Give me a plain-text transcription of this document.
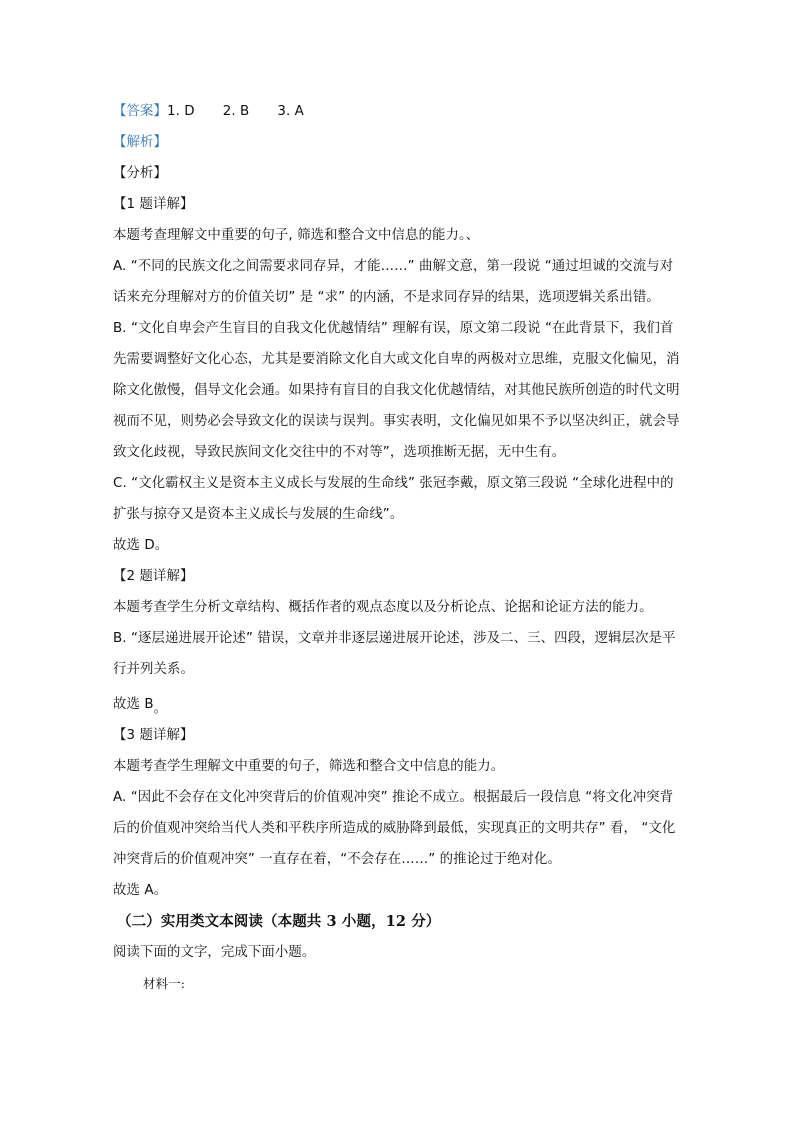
【答案】1. D 2. B 3. A
【解析】
【分析】
【1 题详解】
本题考查理解文中重要的句子, 筛选和整合文中信息的能力。、
A. “不同的民族文化之间需要求同存异，才能……” 曲解文意，第一段说 “通过坦诚的交流与对
话来充分理解对方的价值关切” 是 “求” 的内涵，不是求同存异的结果，选项逻辑关系出错。
B. “文化自卑会产生盲目的自我文化优越情结” 理解有误，原文第二段说 “在此背景下，我们首
先需要调整好文化心态，尤其是要消除文化自大或文化自卑的两极对立思维，克服文化偏见，消
除文化傲慢，倡导文化会通。如果持有盲目的自我文化优越情结，对其他民族所创造的时代文明
视而不见，则势必会导致文化的误读与误判。事实表明，文化偏见如果不予以坚决纠正，就会导
致文化歧视，导致民族间文化交往中的不对等”，选项推断无据，无中生有。
C. “文化霸权主义是资本主义成长与发展的生命线” 张冠李戴，原文第三段说 “全球化进程中的
扩张与掠夺又是资本主义成长与发展的生命线”。
故选 D。
【2 题详解】
本题考查学生分析文章结构、概括作者的观点态度以及分析论点、论据和论证方法的能力。
B. “逐层递进展开论述” 错误，文章并非逐层递进展开论述，涉及二、三、四段，逻辑层次是平
行并列关系。
故选 B。
【3 题详解】
本题考查学生理解文中重要的句子，筛选和整合文中信息的能力。
A. “因此不会存在文化冲突背后的价值观冲突” 推论不成立。根据最后一段信息 “将文化冲突背
后的价值观冲突给当代人类和平秩序所造成的威胁降到最低，实现真正的文明共存” 看， “文化
冲突背后的价值观冲突” 一直存在着，“不会存在……” 的推论过于绝对化。
故选 A。
（二）实用类文本阅读（本题共 3 小题，12 分）
阅读下面的文字，完成下面小题。
材料一:
